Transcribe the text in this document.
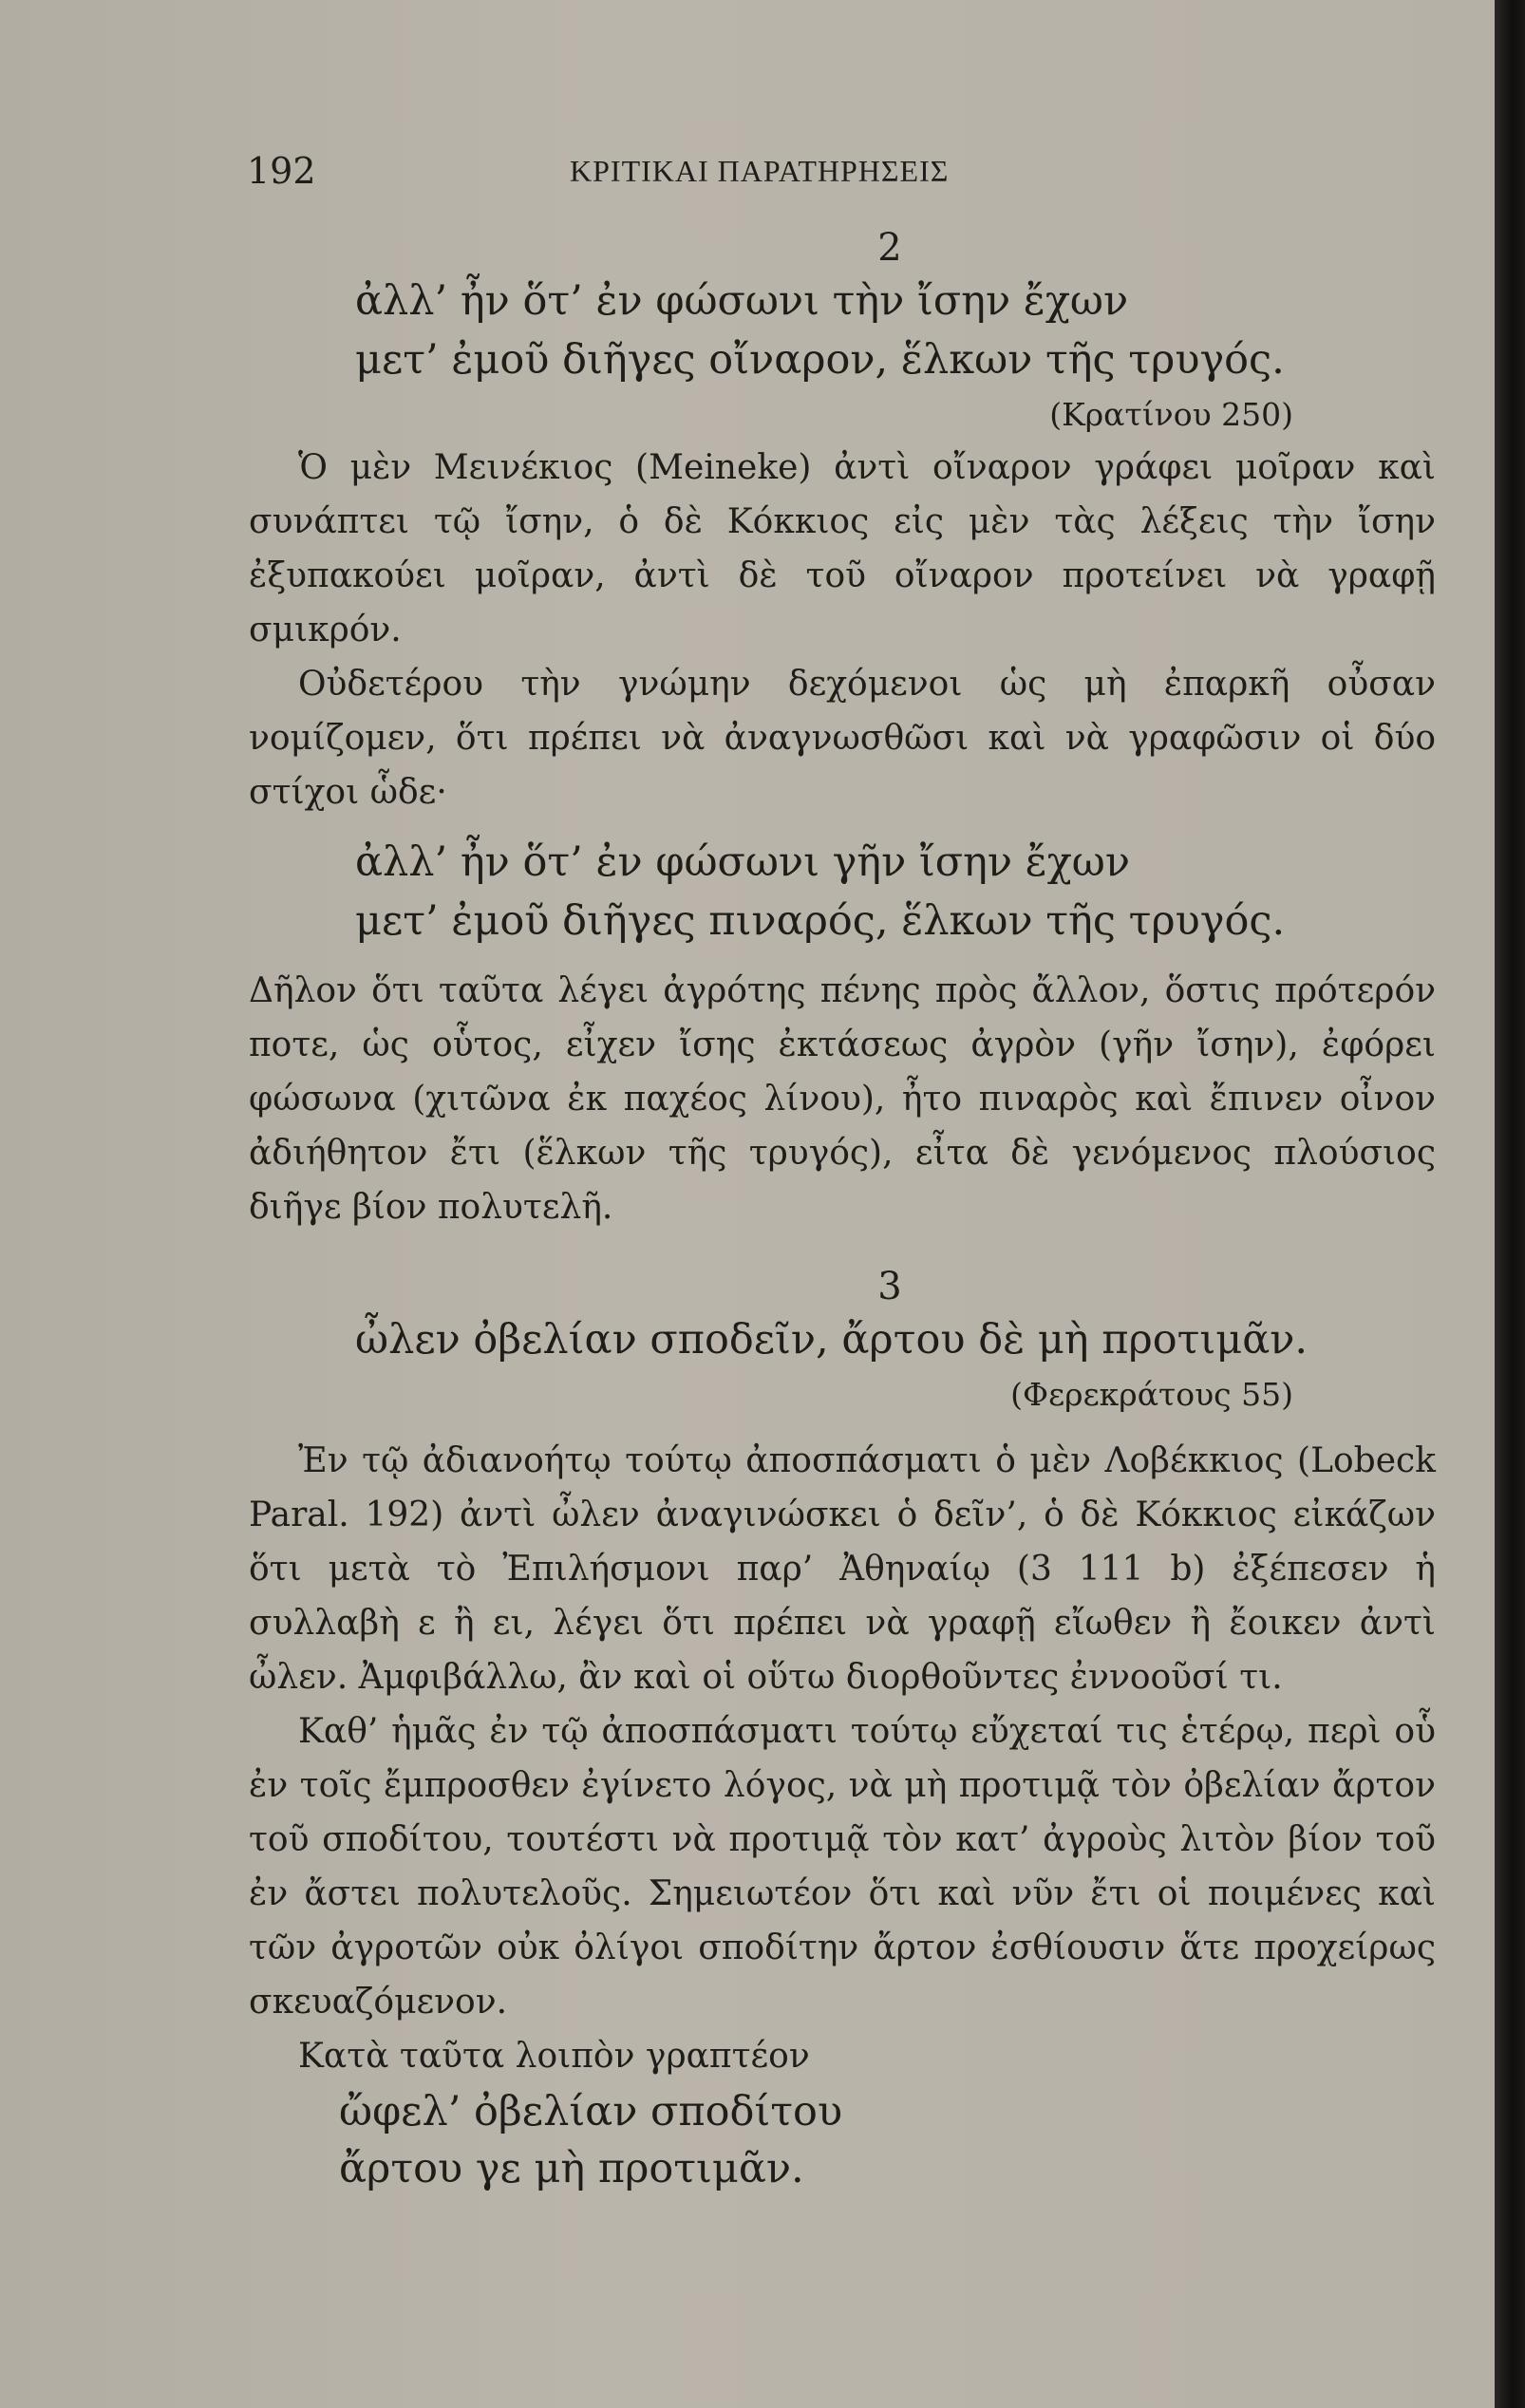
192	ΚΡΙΤΙΚΑΙ ΠΑΡΑΤΗΡΗΣΕΙΣ
2
ἀλλ’ ἦν ὅτ’ ἐν φώσωνι τὴν ἴσην ἔχων
μετ’ ἐμοῦ διῆγες οἴναρον, ἕλκων τῆς τρυγός.
(Κρατίνου 250)

Ὁ μὲν Μεινέκιος (Meineke) ἀντὶ οἴναρον γράφει μοῖραν καὶ συνάπτει τῷ ἴσην, ὁ δὲ Κόκκιος εἰς μὲν τὰς λέξεις τὴν ἴσην ἐξυπακούει μοῖραν, ἀντὶ δὲ τοῦ οἴναρον προτείνει νὰ γραφῇ σμικρόν.

Οὐδετέρου τὴν γνώμην δεχόμενοι ὡς μὴ ἐπαρκῆ οὖσαν νομίζομεν, ὅτι πρέπει νὰ ἀναγνωσθῶσι καὶ νὰ γραφῶσιν οἱ δύο στίχοι ὧδε·

ἀλλ’ ἦν ὅτ’ ἐν φώσωνι γῆν ἴσην ἔχων
μετ’ ἐμοῦ διῆγες πιναρός, ἕλκων τῆς τρυγός.

Δῆλον ὅτι ταῦτα λέγει ἀγρότης πένης πρὸς ἄλλον, ὅστις πρότερόν ποτε, ὡς οὗτος, εἶχεν ἴσης ἐκτάσεως ἀγρὸν (γῆν ἴσην), ἐφόρει φώσωνα (χιτῶνα ἐκ παχέος λίνου), ἦτο πιναρὸς καὶ ἔπινεν οἶνον ἀδιήθητον ἔτι (ἕλκων τῆς τρυγός), εἶτα δὲ γενόμενος πλούσιος διῆγε βίον πολυτελῆ.

3
ὦλεν ὀβελίαν σποδεῖν, ἄρτου δὲ μὴ προτιμᾶν.
(Φερεκράτους 55)

Ἐν τῷ ἀδιανοήτῳ τούτῳ ἀποσπάσματι ὁ μὲν Λοβέκκιος (Lobeck Paral. 192) ἀντὶ ὦλεν ἀναγινώσκει ὁ δεῖν’, ὁ δὲ Κόκκιος εἰκάζων ὅτι μετὰ τὸ Ἐπιλήσμονι παρ’ Ἀθηναίῳ (3 111 b) ἐξέπεσεν ἡ συλλαβὴ ε ἢ ει, λέγει ὅτι πρέπει νὰ γραφῇ εἴωθεν ἢ ἔοικεν ἀντὶ ὦλεν. Ἀμφιβάλλω, ἂν καὶ οἱ οὕτω διορθοῦντες ἐννοοῦσί τι.

Καθ’ ἡμᾶς ἐν τῷ ἀποσπάσματι τούτῳ εὔχεταί τις ἑτέρῳ, περὶ οὗ ἐν τοῖς ἔμπροσθεν ἐγίνετο λόγος, νὰ μὴ προτιμᾷ τὸν ὀβελίαν ἄρτον τοῦ σποδίτου, τουτέστι νὰ προτιμᾷ τὸν κατ’ ἀγροὺς λιτὸν βίον τοῦ ἐν ἄστει πολυτελοῦς. Σημειωτέον ὅτι καὶ νῦν ἔτι οἱ ποιμένες καὶ τῶν ἀγροτῶν οὐκ ὀλίγοι σποδίτην ἄρτον ἐσθίουσιν ἅτε προχείρως σκευαζόμενον.

Κατὰ ταῦτα λοιπὸν γραπτέον

ὤφελ’ ὀβελίαν σποδίτου
ἄρτου γε μὴ προτιμᾶν.
